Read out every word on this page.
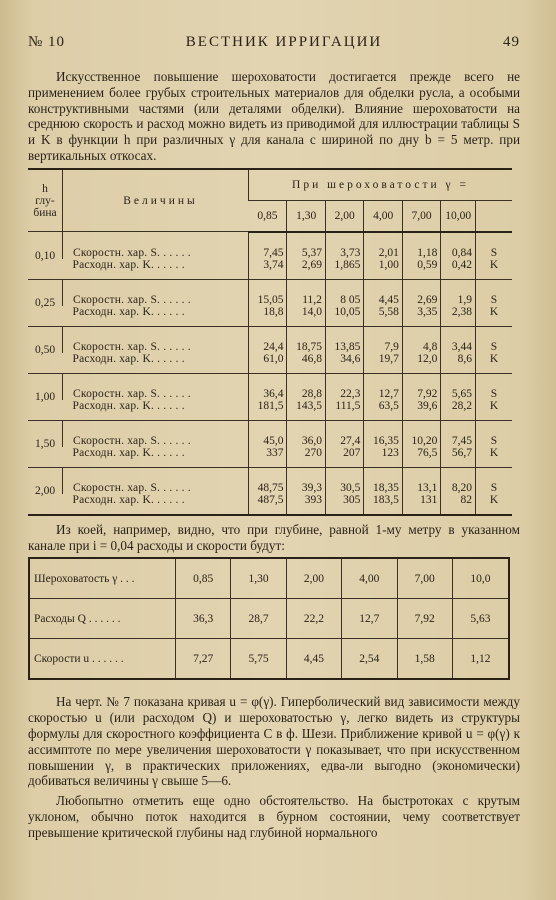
№ 10	ВЕСТНИК ИРРИГАЦИИ	49

Искусственное повышение шероховатости достигается прежде всего не применением более грубых строительных материалов для обделки русла, а особыми конструктивными частями (или деталями обделки). Влияние шероховатости на среднюю скорость и расход можно видеть из приводимой для иллюстрации таблицы S и K в функции h при различных γ для канала с шириной по дну b = 5 метр. при вертикальных откосах.

h
глу-
бина	Величины	При шероховатости γ =						
		0,85	1,30	2,00	4,00	7,00	10,00	
0,10	Скоростн. хар. S. . . . . .	7,45	5,37	3,73	2,01	1,18	0,84	S
	Расходн. хар. K. . . . . .	3,74	2,69	1,865	1,00	0,59	0,42	K
0,25	Скоростн. хар. S. . . . . .	15,05	11,2	8 05	4,45	2,69	1,9	S
	Расходн. хар. K. . . . . .	18,8	14,0	10,05	5,58	3,35	2,38	K
0,50	Скоростн. хар. S. . . . . .	24,4	18,75	13,85	7,9	4,8	3,44	S
	Расходн. хар. K. . . . . .	61,0	46,8	34,6	19,7	12,0	8,6	K
1,00	Скоростн. хар. S. . . . . .	36,4	28,8	22,3	12,7	7,92	5,65	S
	Расходн. хар. K. . . . . .	181,5	143,5	111,5	63,5	39,6	28,2	K
1,50	Скоростн. хар. S. . . . . .	45,0	36,0	27,4	16,35	10,20	7,45	S
	Расходн. хар. K. . . . . .	337	270	207	123	76,5	56,7	K
2,00	Скоростн. хар. S. . . . . .	48,75	39,3	30,5	18,35	13,1	8,20	S
	Расходн. хар. K. . . . . .	487,5	393	305	183,5	131	82	K

Из коей, например, видно, что при глубине, равной 1-му метру в указанном канале при i = 0,04 расходы и скорости будут:

Шероховатость γ . . .	0,85	1,30	2,00	4,00	7,00	10,0
Расходы Q . . . . . .	36,3	28,7	22,2	12,7	7,92	5,63
Скорости u . . . . . .	7,27	5,75	4,45	2,54	1,58	1,12

На черт. № 7 показана кривая u = φ(γ). Гиперболический вид зависимости между скоростью u (или расходом Q) и шероховатостью γ, легко видеть из структуры формулы для скоростного коэффициента C в ф. Шези. Приближение кривой u = φ(γ) к ассимптоте по мере увеличения шероховатости γ показывает, что при искусственном повышении γ, в практических приложениях, едва-ли выгодно (экономически) добиваться величины γ свыше 5—6.

Любопытно отметить еще одно обстоятельство. На быстротоках с крутым уклоном, обычно поток находится в бурном состоянии, чему соответствует превышение критической глубины над глубиной нормального
